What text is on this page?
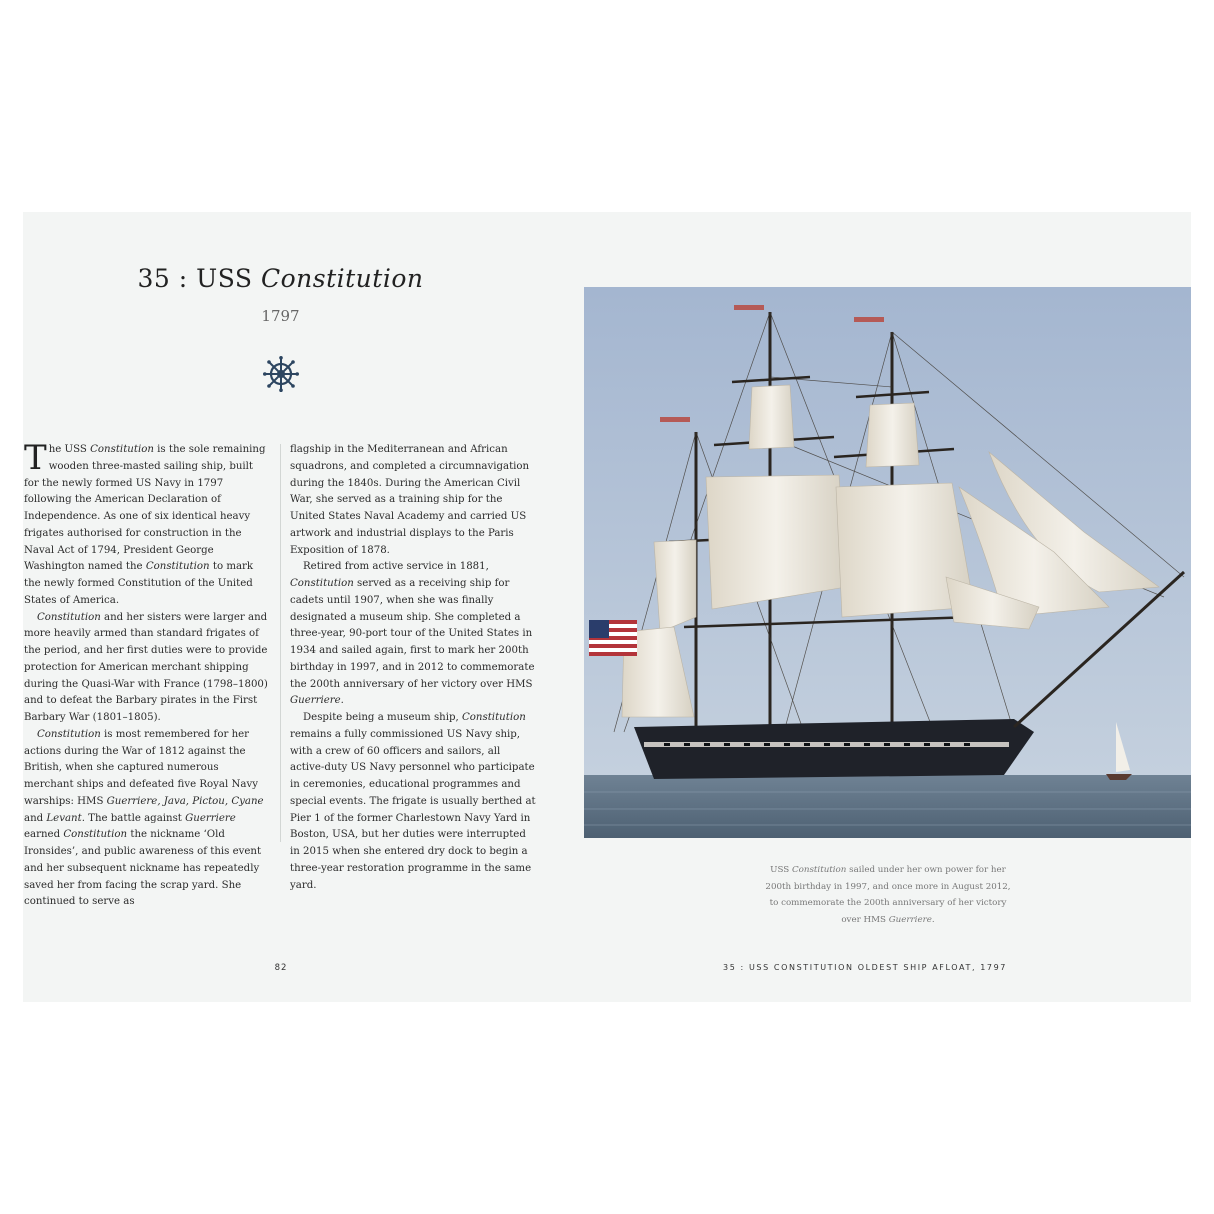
35 : USS Constitution
1797
T he USS Constitution is the sole remaining wooden three-masted sailing ship, built for the newly formed US Navy in 1797 following the American Declaration of Independence. As one of six identical heavy frigates authorised for construction in the Naval Act of 1794, President George Washington named the Constitution to mark the newly formed Constitution of the United States of America.

Constitution and her sisters were larger and more heavily armed than standard frigates of the period, and her first duties were to provide protection for American merchant shipping during the Quasi-War with France (1798–1800) and to defeat the Barbary pirates in the First Barbary War (1801–1805).

Constitution is most remembered for her actions during the War of 1812 against the British, when she captured numerous merchant ships and defeated five Royal Navy warships: HMS Guerriere, Java, Pictou, Cyane and Levant. The battle against Guerriere earned Constitution the nickname ‘Old Ironsides’, and public awareness of this event and her subsequent nickname has repeatedly saved her from facing the scrap yard. She continued to serve as

flagship in the Mediterranean and African squadrons, and completed a circumnavigation during the 1840s. During the American Civil War, she served as a training ship for the United States Naval Academy and carried US artwork and industrial displays to the Paris Exposition of 1878.

Retired from active service in 1881, Constitution served as a receiving ship for cadets until 1907, when she was finally designated a museum ship. She completed a three-year, 90-port tour of the United States in 1934 and sailed again, first to mark her 200th birthday in 1997, and in 2012 to commemorate the 200th anniversary of her victory over HMS Guerriere.

Despite being a museum ship, Constitution remains a fully commissioned US Navy ship, with a crew of 60 officers and sailors, all active-duty US Navy personnel who participate in ceremonies, educational programmes and special events. The frigate is usually berthed at Pier 1 of the former Charlestown Navy Yard in Boston, USA, but her duties were interrupted in 2015 when she entered dry dock to begin a three-year restoration programme in the same yard.

USS Constitution sailed under her own power for her 200th birthday in 1997, and once more in August 2012, to commemorate the 200th anniversary of her victory over HMS Guerriere.
82	35 : USS CONSTITUTION OLDEST SHIP AFLOAT, 1797
